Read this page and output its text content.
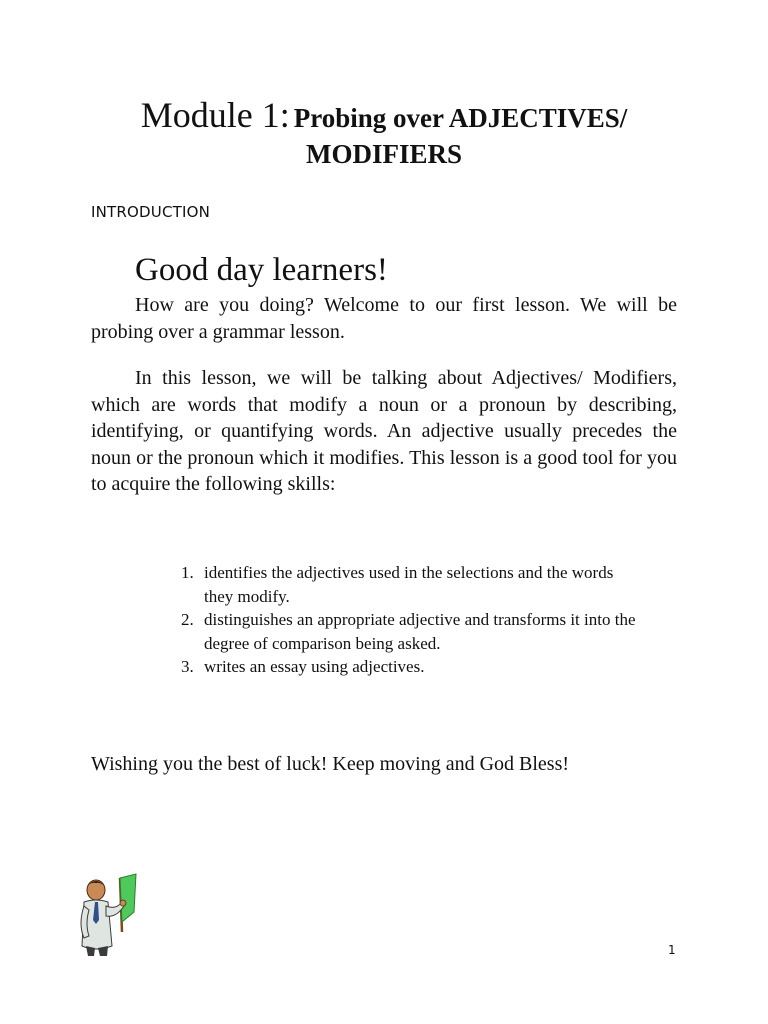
Module 1: Probing over ADJECTIVES/
MODIFIERS
INTRODUCTION
Good day learners!

How are you doing? Welcome to our first lesson. We will be probing over a grammar lesson.

In this lesson, we will be talking about Adjectives/ Modifiers, which are words that modify a noun or a pronoun by describing, identifying, or quantifying words. An adjective usually precedes the noun or the pronoun which it modifies. This lesson is a good tool for you to acquire the following skills:

1. identifies the adjectives used in the selections and the words they modify.
2. distinguishes an appropriate adjective and transforms it into the degree of comparison being asked.
3. writes an essay using adjectives.
Wishing you the best of luck! Keep moving and God Bless!
1
